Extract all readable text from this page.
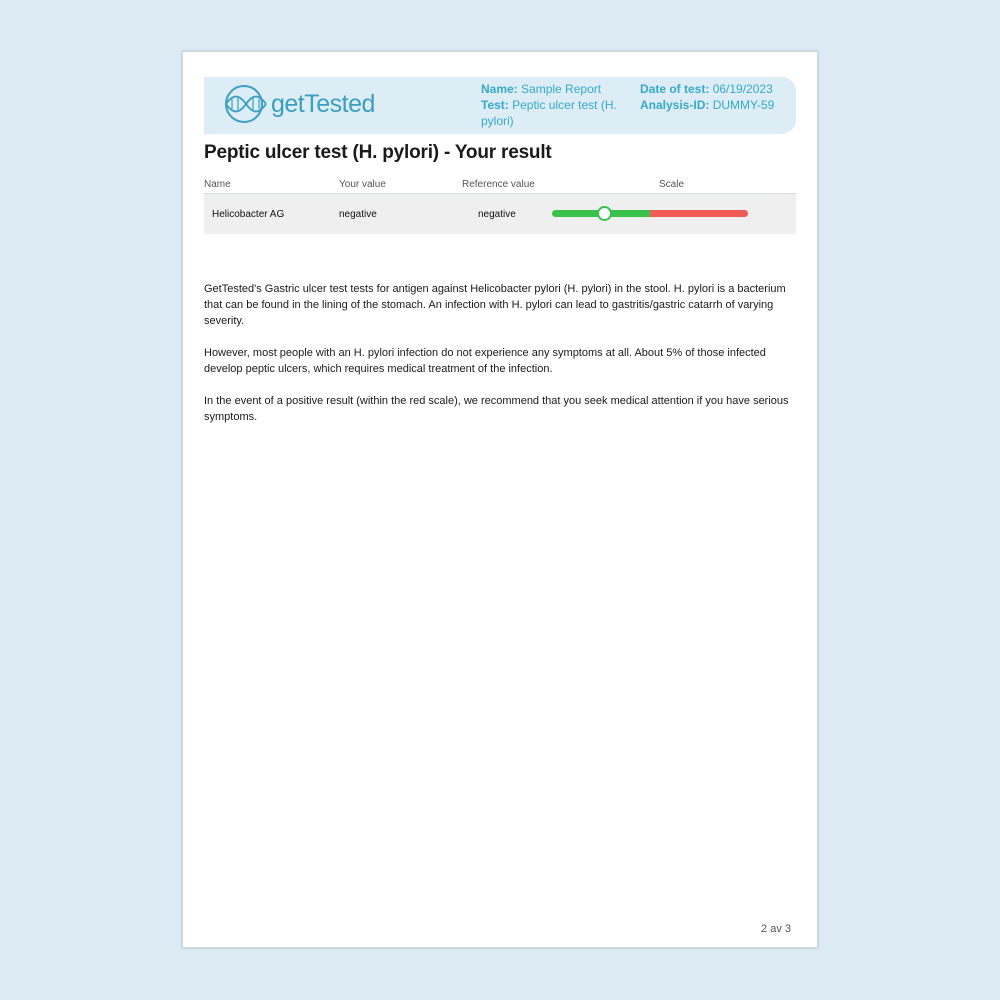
getTested
Name: Sample Report
Test: Peptic ulcer test (H. pylori)
Date of test: 06/19/2023
Analysis-ID: DUMMY-59
Peptic ulcer test (H. pylori) - Your result
Name	Your value	Reference value	Scale
Helicobacter AG	negative	negative

GetTested's Gastric ulcer test tests for antigen against Helicobacter pylori (H. pylori) in the stool. H. pylori is a bacterium that can be found in the lining of the stomach. An infection with H. pylori can lead to gastritis/gastric catarrh of varying severity.

However, most people with an H. pylori infection do not experience any symptoms at all. About 5% of those infected develop peptic ulcers, which requires medical treatment of the infection.

In the event of a positive result (within the red scale), we recommend that you seek medical attention if you have serious symptoms.

2 av 3
